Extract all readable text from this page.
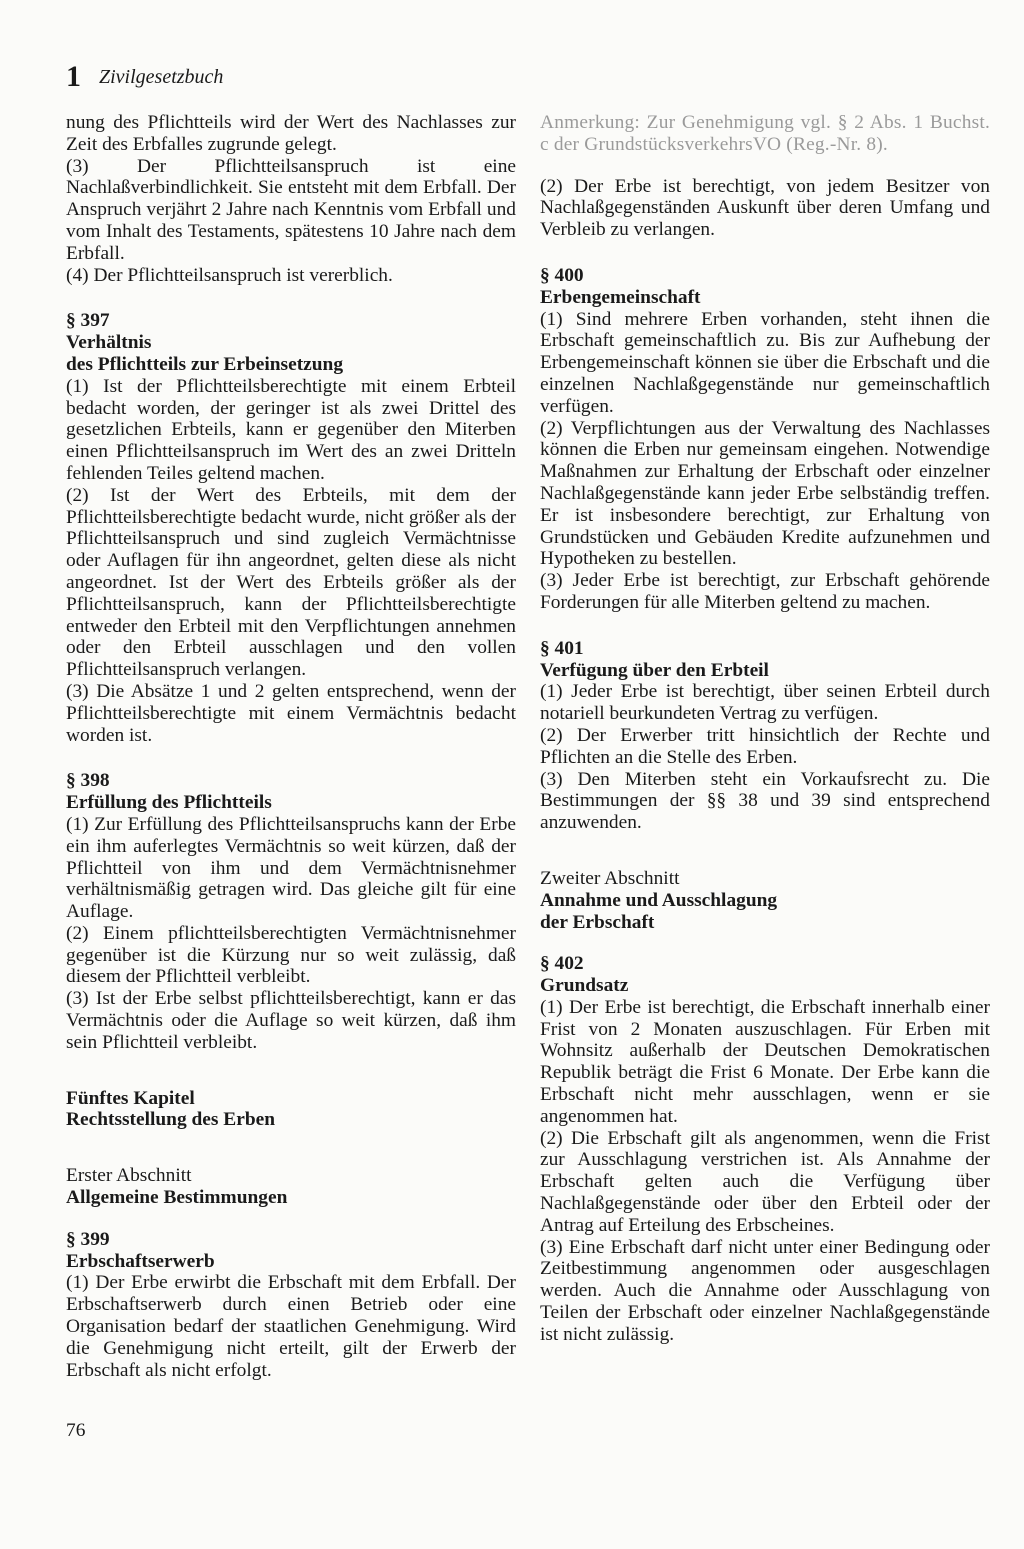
1 Zivilgesetzbuch

nung des Pflichtteils wird der Wert des Nachlasses zur Zeit des Erbfalles zugrunde gelegt.

(3) Der Pflichtteilsanspruch ist eine Nachlaßverbindlichkeit. Sie entsteht mit dem Erbfall. Der Anspruch verjährt 2 Jahre nach Kenntnis vom Erbfall und vom Inhalt des Testaments, spätestens 10 Jahre nach dem Erbfall.

(4) Der Pflichtteilsanspruch ist vererblich.

§ 397
Verhältnis
des Pflichtteils zur Erbeinsetzung

(1) Ist der Pflichtteilsberechtigte mit einem Erbteil bedacht worden, der geringer ist als zwei Drittel des gesetzlichen Erbteils, kann er gegenüber den Miterben einen Pflichtteilsanspruch im Wert des an zwei Dritteln fehlenden Teiles geltend machen.

(2) Ist der Wert des Erbteils, mit dem der Pflichtteilsberechtigte bedacht wurde, nicht größer als der Pflichtteilsanspruch und sind zugleich Vermächtnisse oder Auflagen für ihn angeordnet, gelten diese als nicht angeordnet. Ist der Wert des Erbteils größer als der Pflichtteilsanspruch, kann der Pflichtteilsberechtigte entweder den Erbteil mit den Verpflichtungen annehmen oder den Erbteil ausschlagen und den vollen Pflichtteilsanspruch verlangen.

(3) Die Absätze 1 und 2 gelten entsprechend, wenn der Pflichtteilsberechtigte mit einem Vermächtnis bedacht worden ist.

§ 398
Erfüllung des Pflichtteils

(1) Zur Erfüllung des Pflichtteilsanspruchs kann der Erbe ein ihm auferlegtes Vermächtnis so weit kürzen, daß der Pflichtteil von ihm und dem Vermächtnisnehmer verhältnismäßig getragen wird. Das gleiche gilt für eine Auflage.

(2) Einem pflichtteilsberechtigten Vermächtnisnehmer gegenüber ist die Kürzung nur so weit zulässig, daß diesem der Pflichtteil verbleibt.

(3) Ist der Erbe selbst pflichtteilsberechtigt, kann er das Vermächtnis oder die Auflage so weit kürzen, daß ihm sein Pflichtteil verbleibt.

Fünftes Kapitel
Rechtsstellung des Erben
Erster Abschnitt
Allgemeine Bestimmungen
§ 399
Erbschaftserwerb

(1) Der Erbe erwirbt die Erbschaft mit dem Erbfall. Der Erbschaftserwerb durch einen Betrieb oder eine Organisation bedarf der staatlichen Genehmigung. Wird die Genehmigung nicht erteilt, gilt der Erwerb der Erbschaft als nicht erfolgt.

Anmerkung: Zur Genehmigung vgl. § 2 Abs. 1 Buchst. c der GrundstücksverkehrsVO (Reg.-Nr. 8).

(2) Der Erbe ist berechtigt, von jedem Besitzer von Nachlaßgegenständen Auskunft über deren Umfang und Verbleib zu verlangen.

§ 400
Erbengemeinschaft

(1) Sind mehrere Erben vorhanden, steht ihnen die Erbschaft gemeinschaftlich zu. Bis zur Aufhebung der Erbengemeinschaft können sie über die Erbschaft und die einzelnen Nachlaßgegenstände nur gemeinschaftlich verfügen.

(2) Verpflichtungen aus der Verwaltung des Nachlasses können die Erben nur gemeinsam eingehen. Notwendige Maßnahmen zur Erhaltung der Erbschaft oder einzelner Nachlaßgegenstände kann jeder Erbe selbständig treffen. Er ist insbesondere berechtigt, zur Erhaltung von Grundstücken und Gebäuden Kredite aufzunehmen und Hypotheken zu bestellen.

(3) Jeder Erbe ist berechtigt, zur Erbschaft gehörende Forderungen für alle Miterben geltend zu machen.

§ 401
Verfügung über den Erbteil

(1) Jeder Erbe ist berechtigt, über seinen Erbteil durch notariell beurkundeten Vertrag zu verfügen.

(2) Der Erwerber tritt hinsichtlich der Rechte und Pflichten an die Stelle des Erben.

(3) Den Miterben steht ein Vorkaufsrecht zu. Die Bestimmungen der §§ 38 und 39 sind entsprechend anzuwenden.

Zweiter Abschnitt
Annahme und Ausschlagung
der Erbschaft
§ 402
Grundsatz

(1) Der Erbe ist berechtigt, die Erbschaft innerhalb einer Frist von 2 Monaten auszuschlagen. Für Erben mit Wohnsitz außerhalb der Deutschen Demokratischen Republik beträgt die Frist 6 Monate. Der Erbe kann die Erbschaft nicht mehr ausschlagen, wenn er sie angenommen hat.

(2) Die Erbschaft gilt als angenommen, wenn die Frist zur Ausschlagung verstrichen ist. Als Annahme der Erbschaft gelten auch die Verfügung über Nachlaßgegenstände oder über den Erbteil oder der Antrag auf Erteilung des Erbscheines.

(3) Eine Erbschaft darf nicht unter einer Bedingung oder Zeitbestimmung angenommen oder ausgeschlagen werden. Auch die Annahme oder Ausschlagung von Teilen der Erbschaft oder einzelner Nachlaßgegenstände ist nicht zulässig.

76
